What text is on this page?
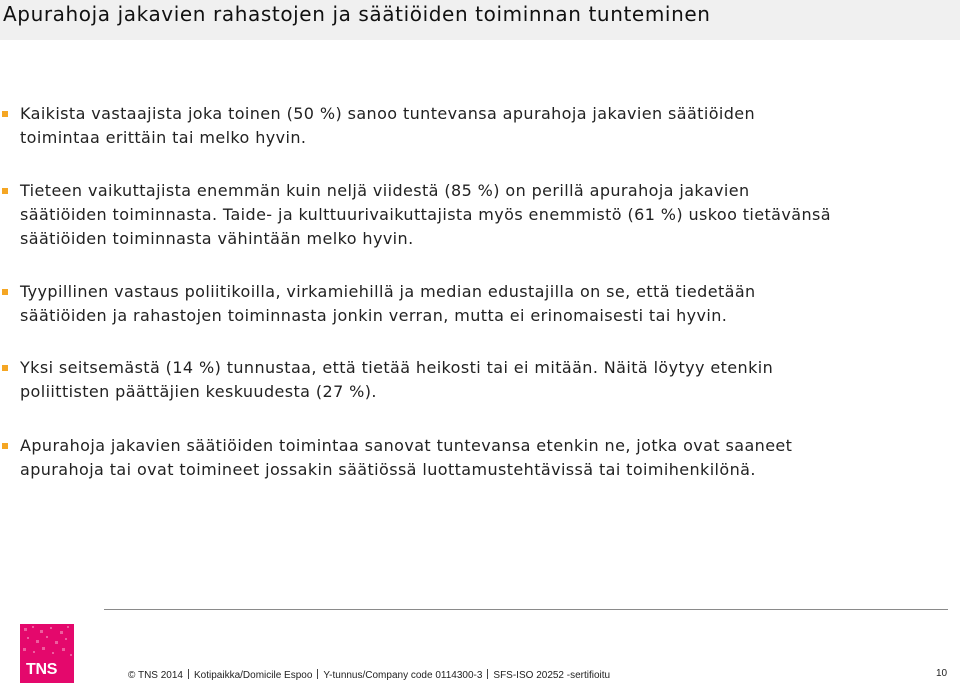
Apurahoja jakavien rahastojen ja säätiöiden toiminnan tunteminen
Kaikista vastaajista joka toinen (50 %) sanoo tuntevansa apurahoja jakavien säätiöiden
toimintaa erittäin tai melko hyvin.
Tieteen vaikuttajista enemmän kuin neljä viidestä (85 %) on perillä apurahoja jakavien
säätiöiden toiminnasta. Taide- ja kulttuurivaikuttajista myös enemmistö (61 %) uskoo tietävänsä
säätiöiden toiminnasta vähintään melko hyvin.
Tyypillinen vastaus poliitikoilla, virkamiehillä ja median edustajilla on se, että tiedetään
säätiöiden ja rahastojen toiminnasta jonkin verran, mutta ei erinomaisesti tai hyvin.
Yksi seitsemästä (14 %) tunnustaa, että tietää heikosti tai ei mitään. Näitä löytyy etenkin
poliittisten päättäjien keskuudesta (27 %).
Apurahoja jakavien säätiöiden toimintaa sanovat tuntevansa etenkin ne, jotka ovat saaneet
apurahoja tai ovat toimineet jossakin säätiössä luottamustehtävissä tai toimihenkilönä.
TNS	© TNS 2014 Kotipaikka/Domicile Espoo Y-tunnus/Company code 0114300-3 SFS-ISO 20252 -sertifioitu	10
